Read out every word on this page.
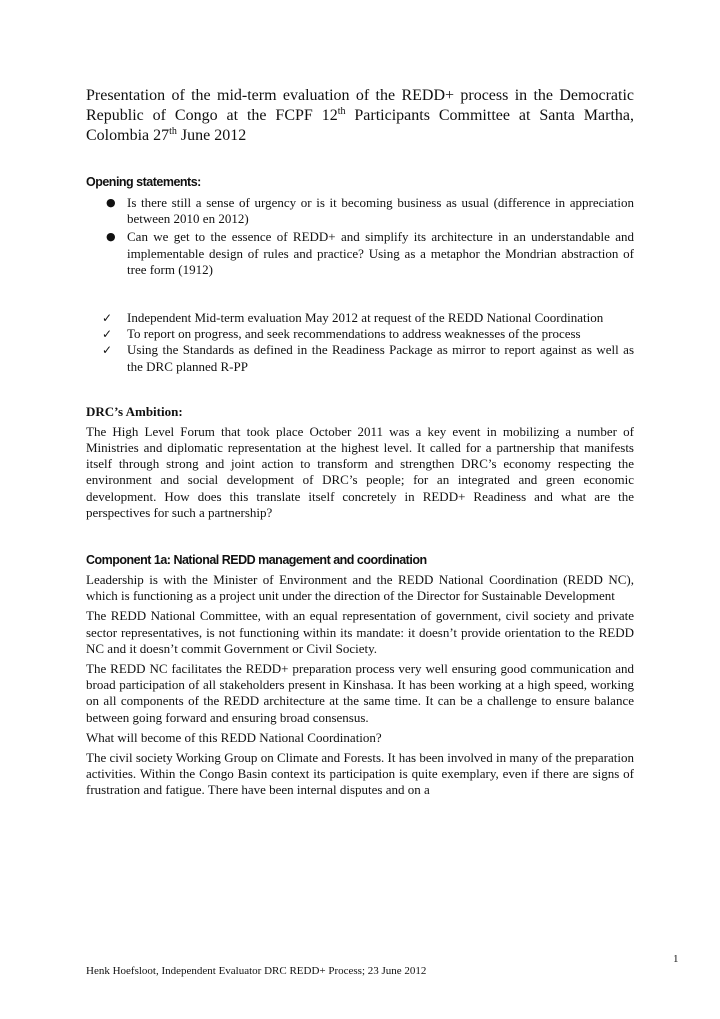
Presentation of the mid-term evaluation of the REDD+ process in the Democratic Republic of Congo at the FCPF 12th Participants Committee at Santa Martha, Colombia 27th June 2012

Opening statements:

● Is there still a sense of urgency or is it becoming business as usual (difference in appreciation between 2010 en 2012)
● Can we get to the essence of REDD+ and simplify its architecture in an understandable and implementable design of rules and practice? Using as a metaphor the Mondrian abstraction of tree form (1912)
✓ Independent Mid-term evaluation May 2012 at request of the REDD National Coordination
✓ To report on progress, and seek recommendations to address weaknesses of the process
✓ Using the Standards as defined in the Readiness Package as mirror to report against as well as the DRC planned R-PP

DRC’s Ambition:

The High Level Forum that took place October 2011 was a key event in mobilizing a number of Ministries and diplomatic representation at the highest level. It called for a partnership that manifests itself through strong and joint action to transform and strengthen DRC’s economy respecting the environment and social development of DRC’s people; for an integrated and green economic development. How does this translate itself concretely in REDD+ Readiness and what are the perspectives for such a partnership?

Component 1a: National REDD management and coordination

Leadership is with the Minister of Environment and the REDD National Coordination (REDD NC), which is functioning as a project unit under the direction of the Director for Sustainable Development

The REDD National Committee, with an equal representation of government, civil society and private sector representatives, is not functioning within its mandate: it doesn’t provide orientation to the REDD NC and it doesn’t commit Government or Civil Society.

The REDD NC facilitates the REDD+ preparation process very well ensuring good communication and broad participation of all stakeholders present in Kinshasa. It has been working at a high speed, working on all components of the REDD architecture at the same time. It can be a challenge to ensure balance between going forward and ensuring broad consensus.

What will become of this REDD National Coordination?

The civil society Working Group on Climate and Forests. It has been involved in many of the preparation activities. Within the Congo Basin context its participation is quite exemplary, even if there are signs of frustration and fatigue. There have been internal disputes and on a

1
Henk Hoefsloot, Independent Evaluator DRC REDD+ Process; 23 June 2012
